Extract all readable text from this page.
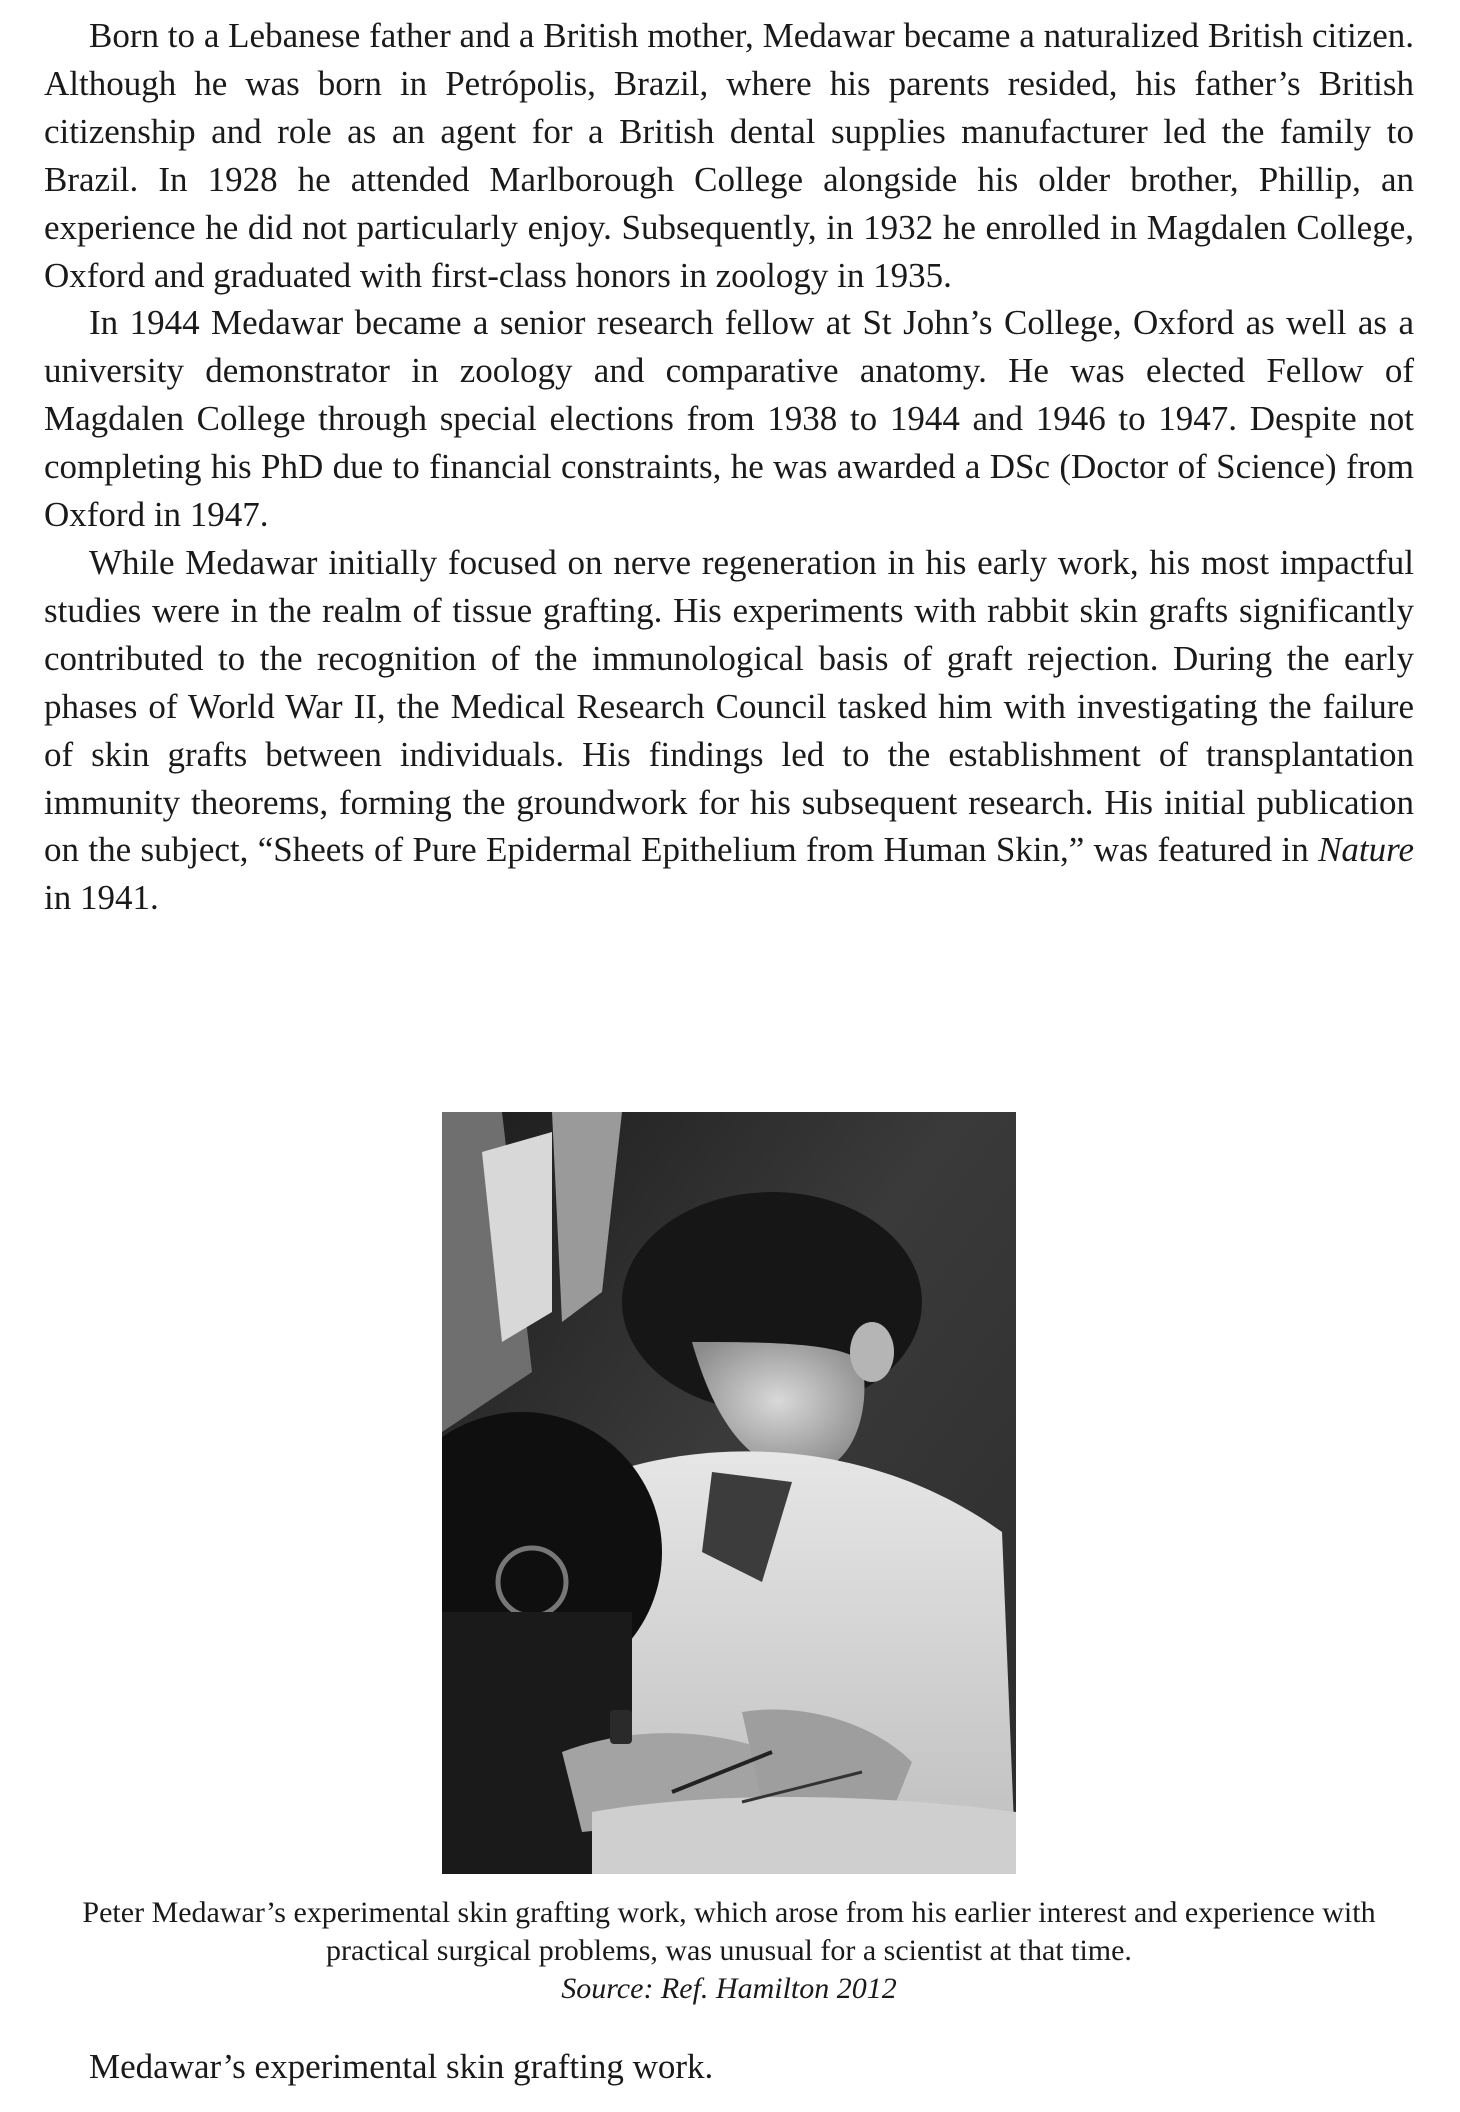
Born to a Lebanese father and a British mother, Medawar became a naturalized British citizen. Although he was born in Petrópolis, Brazil, where his parents resided, his father’s British citizenship and role as an agent for a British dental supplies manufacturer led the family to Brazil. In 1928 he attended Marlborough College alongside his older brother, Phillip, an experience he did not particularly enjoy. Subsequently, in 1932 he enrolled in Magdalen College, Oxford and graduated with first-class honors in zoology in 1935.

In 1944 Medawar became a senior research fellow at St John’s College, Oxford as well as a university demonstrator in zoology and comparative anatomy. He was elected Fellow of Magdalen College through special elections from 1938 to 1944 and 1946 to 1947. Despite not completing his PhD due to financial constraints, he was awarded a DSc (Doctor of Science) from Oxford in 1947.

While Medawar initially focused on nerve regeneration in his early work, his most impactful studies were in the realm of tissue grafting. His experiments with rabbit skin grafts significantly contributed to the recognition of the immunological basis of graft rejection. During the early phases of World War II, the Medical Research Council tasked him with investigating the failure of skin grafts between individuals. His findings led to the establishment of transplantation immunity theorems, forming the groundwork for his subsequent research. His initial publication on the subject, “Sheets of Pure Epidermal Epithelium from Human Skin,” was featured in Nature in 1941.

Peter Medawar’s experimental skin grafting work, which arose from his earlier interest and experience with practical surgical problems, was unusual for a scientist at that time.
Source: Ref. Hamilton 2012
Medawar’s experimental skin grafting work.
